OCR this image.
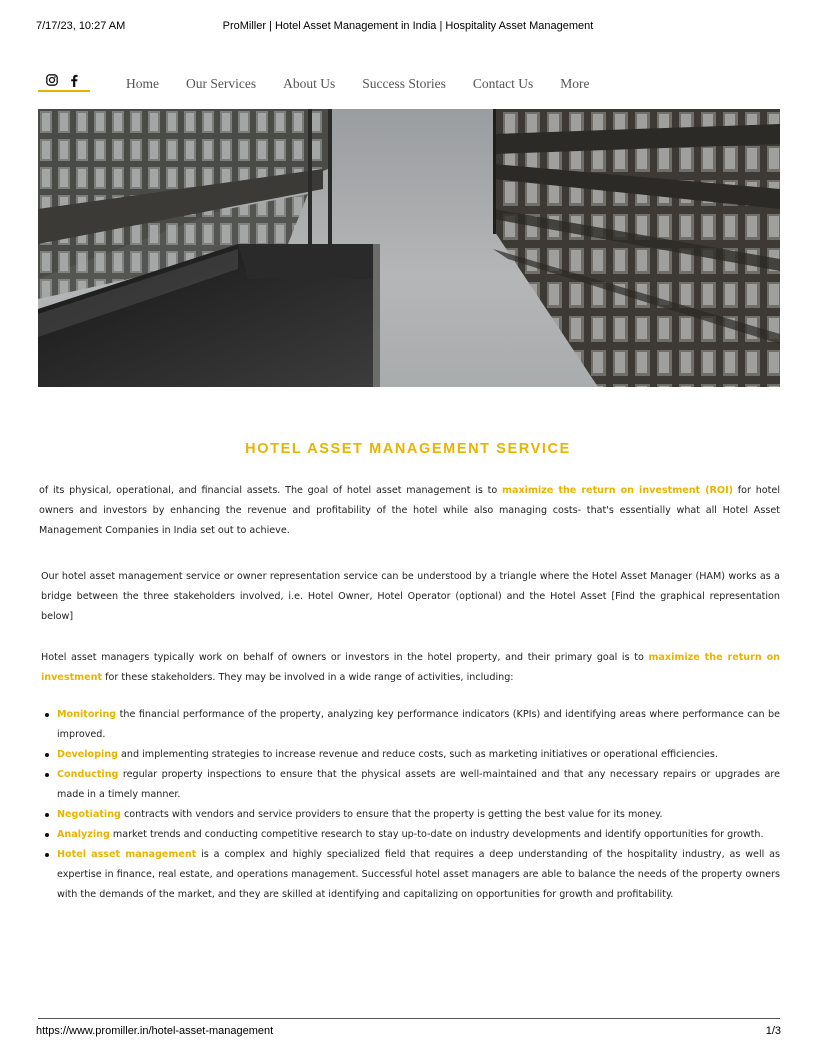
7/17/23, 10:27 AM	ProMiller | Hotel Asset Management in India | Hospitality Asset Management
Home Our Services About Us Success Stories Contact Us More
HOTEL ASSET MANAGEMENT SERVICE

of its physical, operational, and financial assets. The goal of hotel asset management is to maximize the return on investment (ROI) for hotel owners and investors by enhancing the revenue and profitability of the hotel while also managing costs- that's essentially what all Hotel Asset Management Companies in India set out to achieve.

Our hotel asset management service or owner representation service can be understood by a triangle where the Hotel Asset Manager (HAM) works as a bridge between the three stakeholders involved, i.e. Hotel Owner, Hotel Operator (optional) and the Hotel Asset [Find the graphical representation below]

Hotel asset managers typically work on behalf of owners or investors in the hotel property, and their primary goal is to maximize the return on investment for these stakeholders. They may be involved in a wide range of activities, including:

Monitoring the financial performance of the property, analyzing key performance indicators (KPIs) and identifying areas where performance can be improved.
Developing and implementing strategies to increase revenue and reduce costs, such as marketing initiatives or operational efficiencies.
Conducting regular property inspections to ensure that the physical assets are well-maintained and that any necessary repairs or upgrades are made in a timely manner.
Negotiating contracts with vendors and service providers to ensure that the property is getting the best value for its money.
Analyzing market trends and conducting competitive research to stay up-to-date on industry developments and identify opportunities for growth.
Hotel asset management is a complex and highly specialized field that requires a deep understanding of the hospitality industry, as well as expertise in finance, real estate, and operations management. Successful hotel asset managers are able to balance the needs of the property owners with the demands of the market, and they are skilled at identifying and capitalizing on opportunities for growth and profitability.
https://www.promiller.in/hotel-asset-management	1/3
